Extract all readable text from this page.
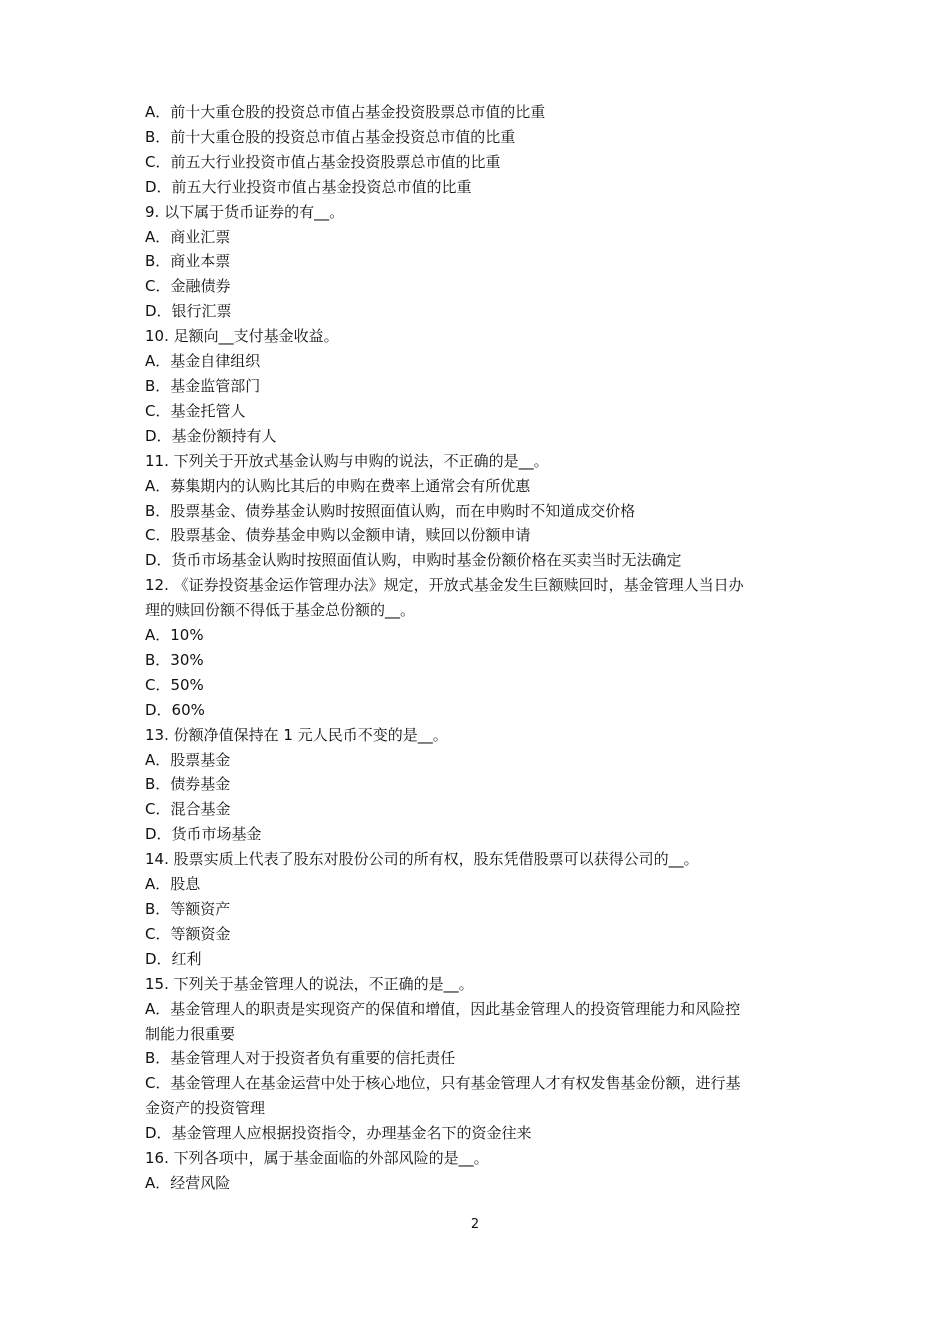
A．前十大重仓股的投资总市值占基金投资股票总市值的比重
B．前十大重仓股的投资总市值占基金投资总市值的比重
C．前五大行业投资市值占基金投资股票总市值的比重
D．前五大行业投资市值占基金投资总市值的比重
9. 以下属于货币证券的有__。
A．商业汇票
B．商业本票
C．金融债券
D．银行汇票
10. 足额向__支付基金收益。
A．基金自律组织
B．基金监管部门
C．基金托管人
D．基金份额持有人
11. 下列关于开放式基金认购与申购的说法，不正确的是__。
A．募集期内的认购比其后的申购在费率上通常会有所优惠
B．股票基金、债券基金认购时按照面值认购，而在申购时不知道成交价格
C．股票基金、债券基金申购以金额申请，赎回以份额申请
D．货币市场基金认购时按照面值认购，申购时基金份额价格在买卖当时无法确定
12. 《证券投资基金运作管理办法》规定，开放式基金发生巨额赎回时，基金管理人当日办
理的赎回份额不得低于基金总份额的__。
A．10%
B．30%
C．50%
D．60%
13. 份额净值保持在 1 元人民币不变的是__。
A．股票基金
B．债券基金
C．混合基金
D．货币市场基金
14. 股票实质上代表了股东对股份公司的所有权，股东凭借股票可以获得公司的__。
A．股息
B．等额资产
C．等额资金
D．红利
15. 下列关于基金管理人的说法，不正确的是__。
A．基金管理人的职责是实现资产的保值和增值，因此基金管理人的投资管理能力和风险控
制能力很重要
B．基金管理人对于投资者负有重要的信托责任
C．基金管理人在基金运营中处于核心地位，只有基金管理人才有权发售基金份额，进行基
金资产的投资管理
D．基金管理人应根据投资指令，办理基金名下的资金往来
16. 下列各项中，属于基金面临的外部风险的是__。
A．经营风险
2
